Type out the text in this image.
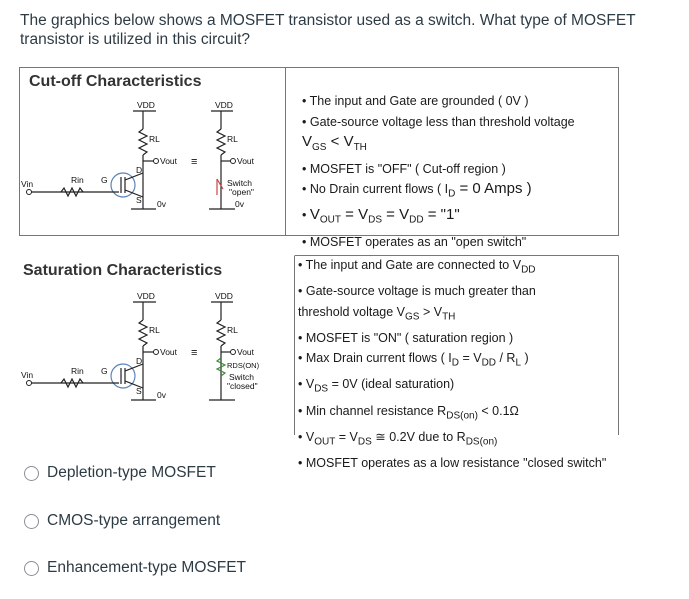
The graphics below shows a MOSFET transistor used as a switch. What type of MOSFET transistor is utilized in this circuit?
Cut-off Characteristics
Saturation Characteristics
VDD	VDD
RL	RL
Vout	Vout
≡
Rin G
D
S
Vin
0v	0v
Switch
"open"
VDD	VDD
RL	RL
Vout	Vout
≡
Rin G
D
S
Vin
0v
RDS(ON)
Switch
"closed"
• The input and Gate are grounded ( 0V )
• Gate-source voltage less than threshold voltage
$V_{GS} < V_{TH}$
• MOSFET is "OFF" ( Cut-off region )
• No Drain current flows ( $I_D = 0$ Amps )
• $V_{OUT} = V_{DS} = V_{DD}$ = "1"
• MOSFET operates as an "open switch"
• The input and Gate are connected to $V_{DD}$
• Gate-source voltage is much greater than
threshold voltage $V_{GS} > V_{TH}$
• MOSFET is "ON" ( saturation region )
• Max Drain current flows ( $I_D = V_{DD} / R_L$ )
• $V_{DS} = 0V$ (ideal saturation)
• Min channel resistance $R_{DS(on)} < 0.1\Omega$
• $V_{OUT} = V_{DS}$ ≅ 0.2V due to $R_{DS(on)}$
• MOSFET operates as a low resistance "closed switch"
Depletion-type MOSFET
CMOS-type arrangement
Enhancement-type MOSFET
